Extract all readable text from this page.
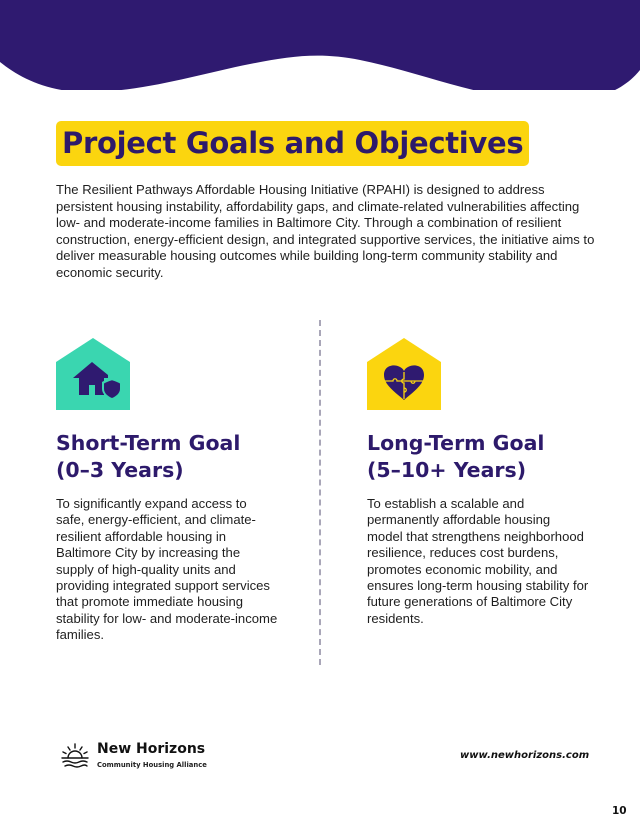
Project Goals and Objectives

The Resilient Pathways Affordable Housing Initiative (RPAHI) is designed to address persistent housing instability, affordability gaps, and climate-related vulnerabilities affecting low- and moderate-income families in Baltimore City. Through a combination of resilient construction, energy-efficient design, and integrated supportive services, the initiative aims to deliver measurable housing outcomes while building long-term community stability and economic security.

Short-Term Goal
(0–3 Years)

To significantly expand access to safe, energy-efficient, and climate-resilient affordable housing in Baltimore City by increasing the supply of high-quality units and providing integrated support services that promote immediate housing stability for low- and moderate-income families.

Long-Term Goal
(5–10+ Years)

To establish a scalable and permanently affordable housing model that strengthens neighborhood resilience, reduces cost burdens, promotes economic mobility, and ensures long-term housing stability for future generations of Baltimore City residents.

New Horizons
Community Housing Alliance
www.newhorizons.com
10
